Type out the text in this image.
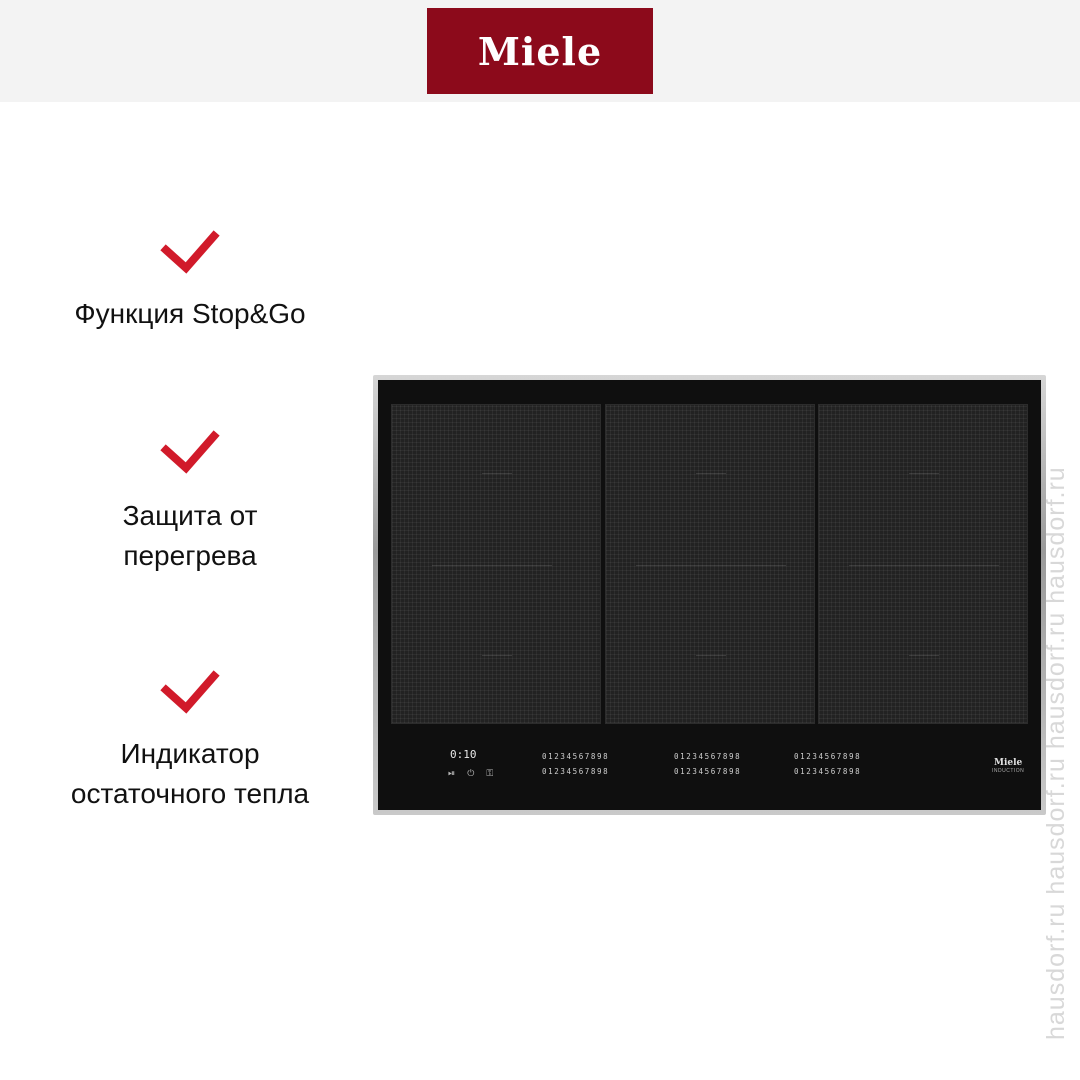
Miele
Функция Stop&Go
Защита от
перегрева
Индикатор
остаточного тепла
0:10
⏯ ⏻ ⚿
01234567898
01234567898
01234567898
01234567898
01234567898
01234567898
Miele
INDUCTION hausdorf.ru hausdorf.ru hausdorf.ru hausdorf.ru
